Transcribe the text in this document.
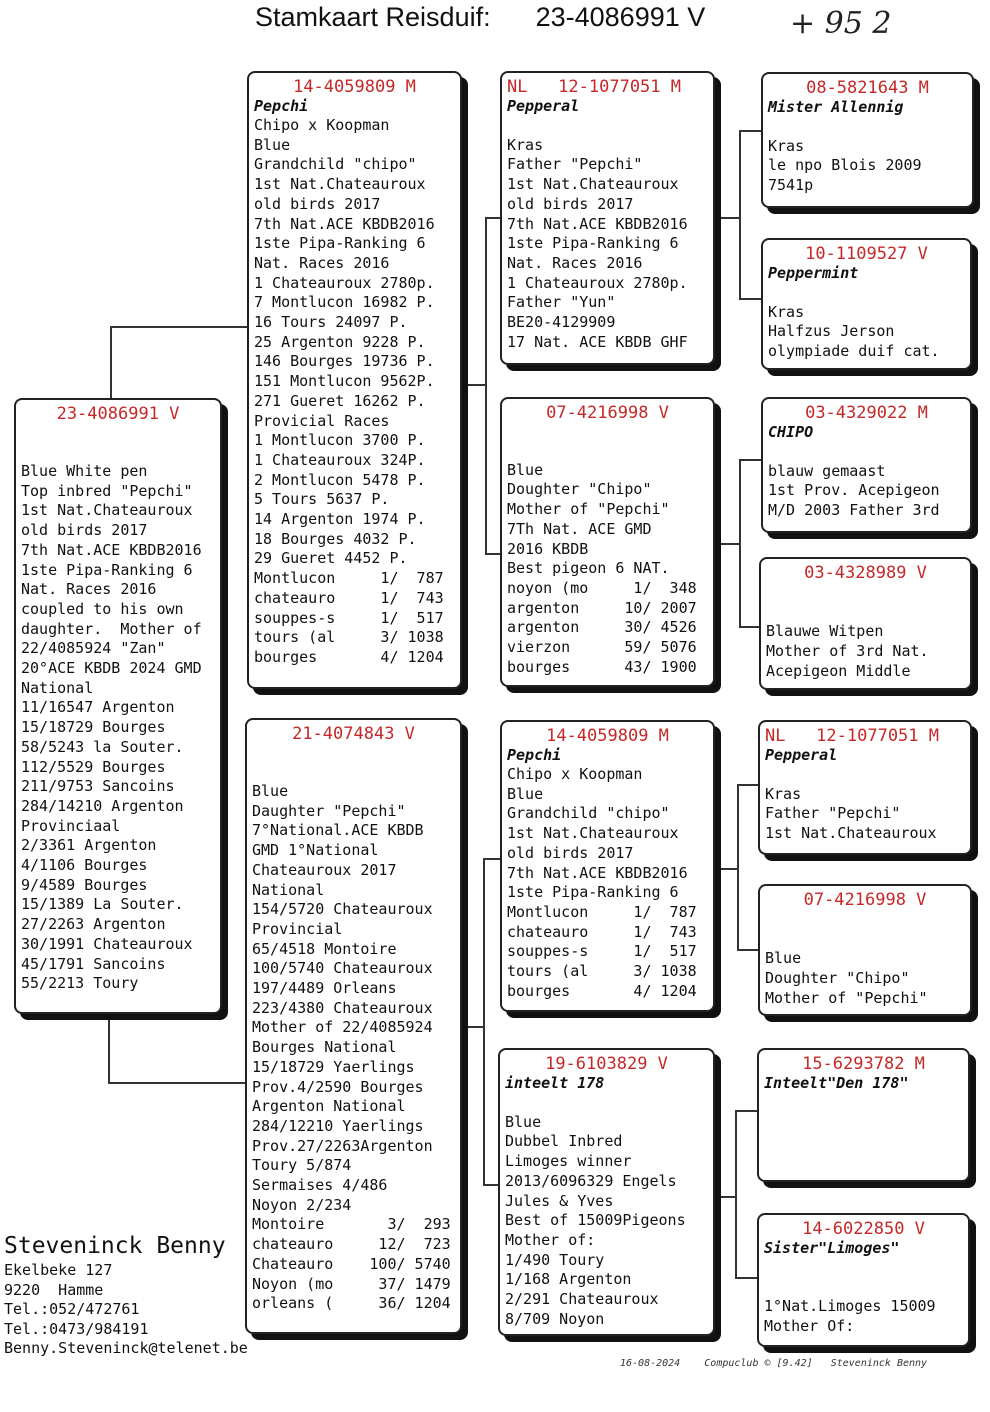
Stamkaart Reisduif:      23-4086991 V	+ 95 2
23-4086991 V
Blue White pen
Top inbred "Pepchi"
1st Nat.Chateauroux
old birds 2017
7th Nat.ACE KBDB2016
1ste Pipa-Ranking 6
Nat. Races 2016
coupled to his own
daughter.  Mother of
22/4085924 "Zan"
20°ACE KBDB 2024 GMD
National
11/16547 Argenton
15/18729 Bourges
58/5243 la Souter.
112/5529 Bourges
211/9753 Sancoins
284/14210 Argenton
Provinciaal
2/3361 Argenton
4/1106 Bourges
9/4589 Bourges
15/1389 La Souter.
27/2263 Argenton
30/1991 Chateauroux
45/1791 Sancoins
55/2213 Toury
14-4059809 M
Pepchi
Chipo x Koopman
Blue
Grandchild "chipo"
1st Nat.Chateauroux
old birds 2017
7th Nat.ACE KBDB2016
1ste Pipa-Ranking 6
Nat. Races 2016
1 Chateauroux 2780p.
7 Montlucon 16982 P.
16 Tours 24097 P.
25 Argenton 9228 P.
146 Bourges 19736 P.
151 Montlucon 9562P.
271 Gueret 16262 P.
Provicial Races
1 Montlucon 3700 P.
1 Chateauroux 324P.
2 Montlucon 5478 P.
5 Tours 5637 P.
14 Argenton 1974 P.
18 Bourges 4032 P.
29 Gueret 4452 P.
Montlucon     1/  787
chateauro     1/  743
souppes-s     1/  517
tours (al     3/ 1038
bourges       4/ 1204
21-4074843 V
Blue
Daughter "Pepchi"
7°National.ACE KBDB
GMD 1°National
Chateauroux 2017
National
154/5720 Chateauroux
Provincial
65/4518 Montoire
100/5740 Chateauroux
197/4489 Orleans
223/4380 Chateauroux
Mother of 22/4085924
Bourges National
15/18729 Yaerlings
Prov.4/2590 Bourges
Argenton National
284/12210 Yaerlings
Prov.27/2263Argenton
Toury 5/874
Sermaises 4/486
Noyon 2/234
Montoire       3/  293
chateauro     12/  723
Chateauro    100/ 5740
Noyon (mo     37/ 1479
orleans (     36/ 1204
NL   12-1077051 M
Pepperal

Kras
Father "Pepchi"
1st Nat.Chateauroux
old birds 2017
7th Nat.ACE KBDB2016
1ste Pipa-Ranking 6
Nat. Races 2016
1 Chateauroux 2780p.
Father "Yun"
BE20-4129909
17 Nat. ACE KBDB GHF
07-4216998 V

Blue
Doughter "Chipo"
Mother of "Pepchi"
7Th Nat. ACE GMD
2016 KBDB
Best pigeon 6 NAT.
noyon (mo     1/  348
argenton     10/ 2007
argenton     30/ 4526
vierzon      59/ 5076
bourges      43/ 1900
14-4059809 M
Pepchi
Chipo x Koopman
Blue
Grandchild "chipo"
1st Nat.Chateauroux
old birds 2017
7th Nat.ACE KBDB2016
1ste Pipa-Ranking 6
Montlucon     1/  787
chateauro     1/  743
souppes-s     1/  517
tours (al     3/ 1038
bourges       4/ 1204
19-6103829 V
inteelt 178

Blue
Dubbel Inbred
Limoges winner
2013/6096329 Engels
Jules & Yves
Best of 15009Pigeons
Mother of:
1/490 Toury
1/168 Argenton
2/291 Chateauroux
8/709 Noyon
08-5821643 M
Mister Allennig

Kras
le npo Blois 2009
7541p
10-1109527 V
Peppermint

Kras
Halfzus Jerson
olympiade duif cat.
03-4329022 M
CHIPO

blauw gemaast
1st Prov. Acepigeon
M/D 2003 Father 3rd
03-4328989 V

Blauwe Witpen
Mother of 3rd Nat.
Acepigeon Middle
NL   12-1077051 M
Pepperal

Kras
Father "Pepchi"
1st Nat.Chateauroux
07-4216998 V

Blue
Doughter "Chipo"
Mother of "Pepchi"
15-6293782 M
Inteelt"Den 178"
14-6022850 V
Sister"Limoges"

1°Nat.Limoges 15009
Mother Of:
Steveninck Benny
Ekelbeke 127
9220  Hamme
Tel.:052/472761
Tel.:0473/984191
Benny.Steveninck@telenet.be
16-08-2024    Compuclub © [9.42]   Steveninck Benny
